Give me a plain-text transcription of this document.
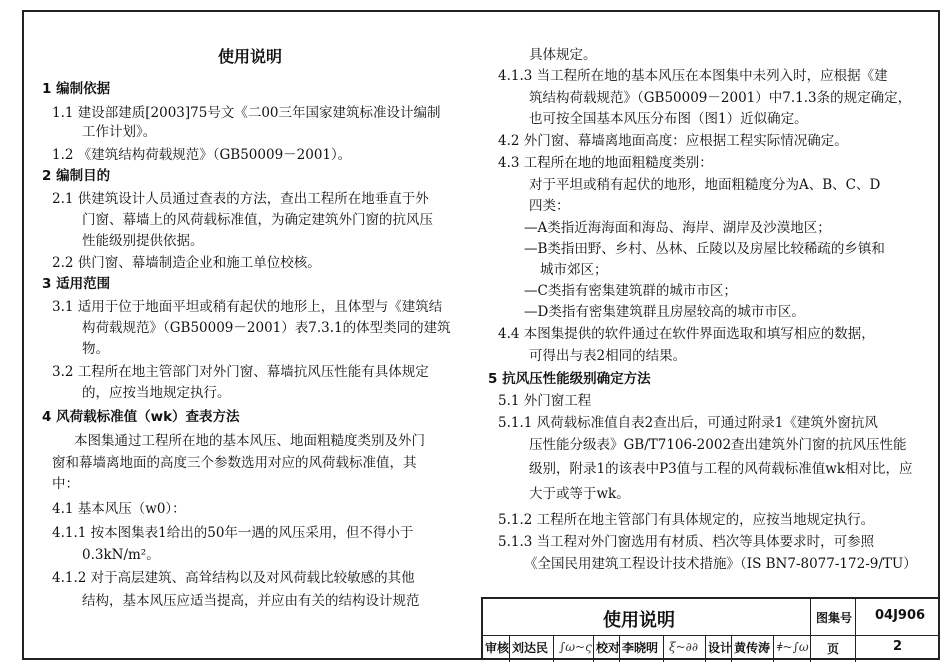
使用说明
1 编制依据
1.1 建设部建质[2003]75号文《二00三年国家建筑标准设计编制
工作计划》。
1.2 《建筑结构荷载规范》（GB50009－2001）。
2 编制目的
2.1 供建筑设计人员通过查表的方法，查出工程所在地垂直于外
门窗、幕墙上的风荷载标准值，为确定建筑外门窗的抗风压
性能级别提供依据。
2.2 供门窗、幕墙制造企业和施工单位校核。
3 适用范围
3.1 适用于位于地面平坦或稍有起伏的地形上，且体型与《建筑结
构荷载规范》（GB50009－2001）表7.3.1的体型类同的建筑
物。
3.2 工程所在地主管部门对外门窗、幕墙抗风压性能有具体规定
的，应按当地规定执行。
4 风荷载标准值（wk）查表方法
本图集通过工程所在地的基本风压、地面粗糙度类别及外门
窗和幕墙离地面的高度三个参数选用对应的风荷载标准值，其
中：
4.1 基本风压（w0）：
4.1.1 按本图集表1给出的50年一遇的风压采用，但不得小于
0.3kN/m²。
4.1.2 对于高层建筑、高耸结构以及对风荷载比较敏感的其他
结构，基本风压应适当提高，并应由有关的结构设计规范
具体规定。
4.1.3 当工程所在地的基本风压在本图集中未列入时，应根据《建
筑结构荷载规范》（GB50009－2001）中7.1.3条的规定确定，
也可按全国基本风压分布图（图1）近似确定。
4.2 外门窗、幕墙离地面高度：应根据工程实际情况确定。
4.3 工程所在地的地面粗糙度类别：
对于平坦或稍有起伏的地形，地面粗糙度分为A、B、C、D
四类：
—A类指近海海面和海岛、海岸、湖岸及沙漠地区；
—B类指田野、乡村、丛林、丘陵以及房屋比较稀疏的乡镇和
城市郊区；
—C类指有密集建筑群的城市市区；
—D类指有密集建筑群且房屋较高的城市市区。
4.4 本图集提供的软件通过在软件界面选取和填写相应的数据，
可得出与表2相同的结果。
5 抗风压性能级别确定方法
5.1 外门窗工程
5.1.1 风荷载标准值自表2查出后，可通过附录1《建筑外窗抗风
压性能分级表》GB/T7106-2002查出建筑外门窗的抗风压性能
级别，附录1的该表中P3值与工程的风荷载标准值wk相对比，应
大于或等于wk。
5.1.2 工程所在地主管部门有具体规定的，应按当地规定执行。
5.1.3 当工程对外门窗选用有材质、档次等具体要求时，可参照
《全国民用建筑工程设计技术措施》（IS BN7-8077-172-9/TU）
使用说明	图集号 04J906
审核 刘达民 ∫ω~ς 校对 李晓明 ξ~∂∂ 设计 黄传涛 ǂ~∫ω 页	2
